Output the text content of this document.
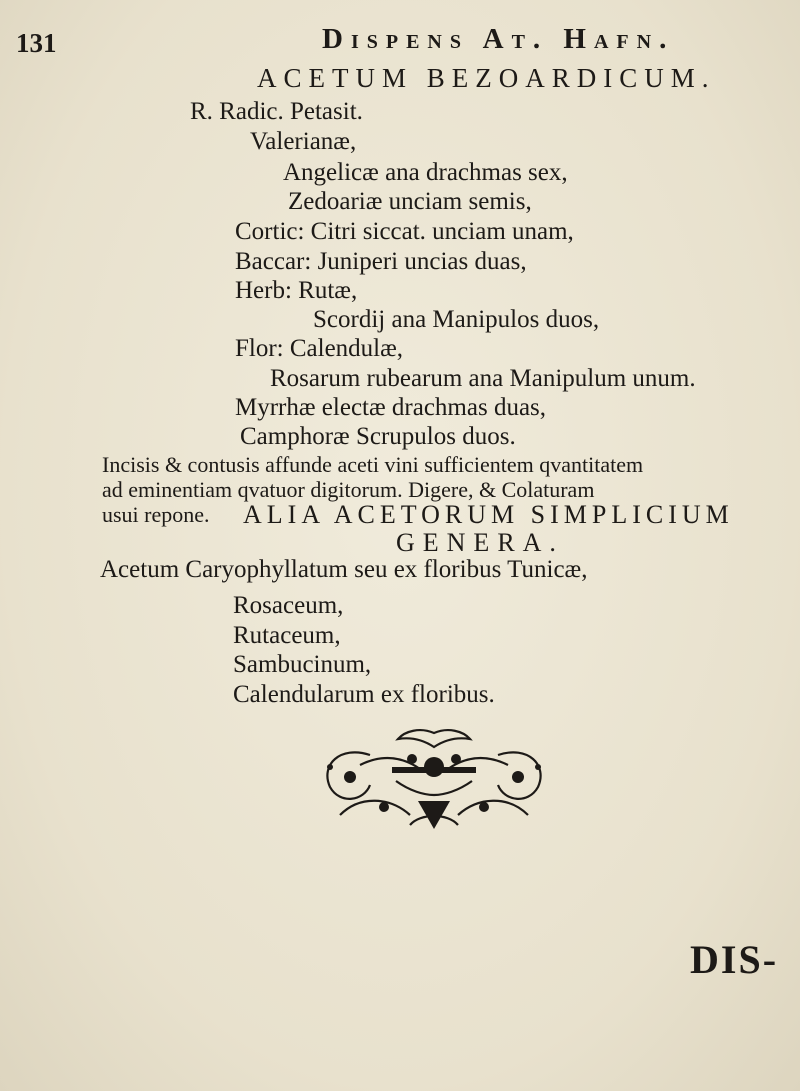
131	Dispens At. Hafn.
ACETUM BEZOARDICUM.
R. Radic. Petasit.
Valerianæ,
Angelicæ ana drachmas sex,
Zedoariæ unciam semis,
Cortic: Citri siccat. unciam unam,
Baccar: Juniperi uncias duas,
Herb: Rutæ,
Scordij ana Manipulos duos,
Flor: Calendulæ,
Rosarum rubearum ana Manipulum unum.
Myrrhæ electæ drachmas duas,
Camphoræ Scrupulos duos.
Incisis & contusis affunde aceti vini sufficientem qvantitatem
ad eminentiam qvatuor digitorum. Digere, & Colaturam
usui repone. ALIA ACETORUM SIMPLICIUM
GENERA.
Acetum Caryophyllatum seu ex floribus Tunicæ,
Rosaceum,
Rutaceum,
Sambucinum,
Calendularum ex floribus.
DIS-
